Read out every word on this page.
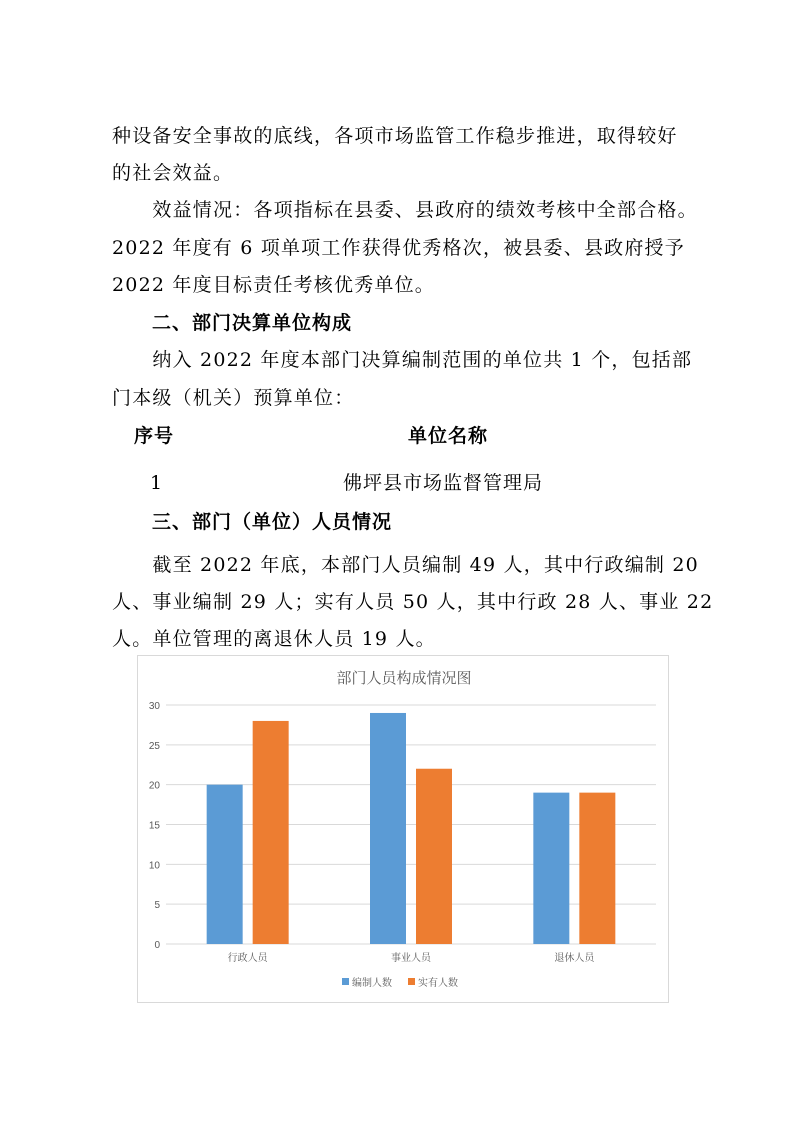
种设备安全事故的底线，各项市场监管工作稳步推进，取得较好
的社会效益。
　　效益情况：各项指标在县委、县政府的绩效考核中全部合格。
2022 年度有 6 项单项工作获得优秀格次，被县委、县政府授予
2022 年度目标责任考核优秀单位。
　　二、部门决算单位构成
　　纳入 2022 年度本部门决算编制范围的单位共 1 个，包括部
门本级（机关）预算单位：
序号	单位名称
1	佛坪县市场监督管理局
　　三、部门（单位）人员情况
　　截至 2022 年底，本部门人员编制 49 人，其中行政编制 20
人、事业编制 29 人；实有人员 50 人，其中行政 28 人、事业 22
人。单位管理的离退休人员 19 人。
部门人员构成情况图
0
5
10
15
20
25
30
行政人员	事业人员	退休人员
编制人数	实有人数
